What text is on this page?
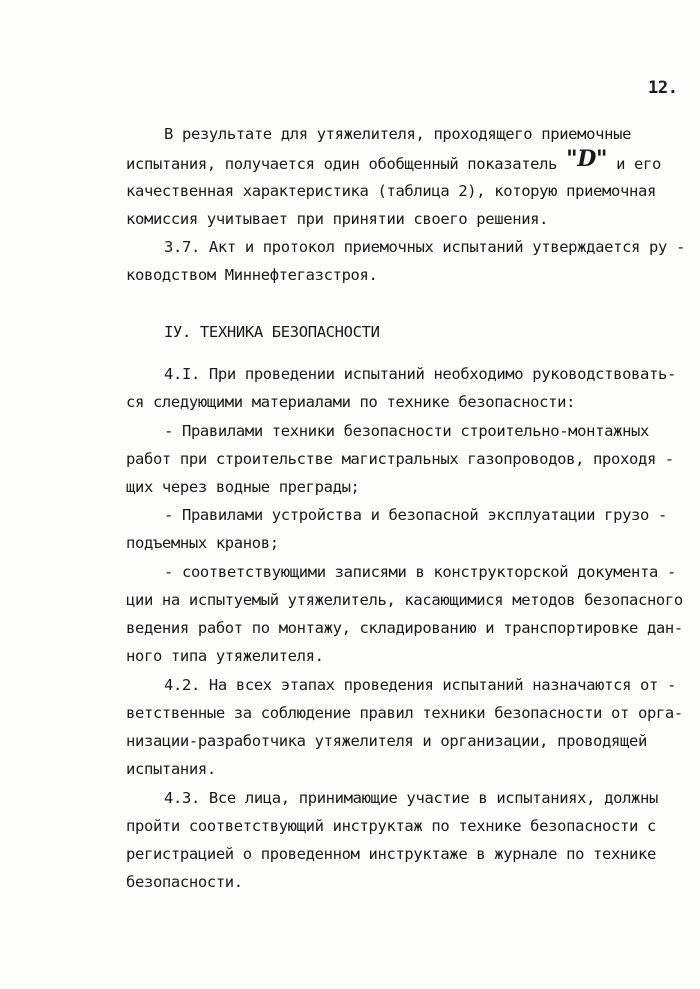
12.
В результате для утяжелителя, проходящего приемочные
испытания, получается один обобщенный показатель "D" и его
качественная характеристика (таблица 2), которую приемочная
комиссия учитывает при принятии своего решения.
3.7. Акт и протокол приемочных испытаний утверждается ру -
ководством Миннефтегазстроя.
IУ. ТЕХНИКА БЕЗОПАСНОСТИ
4.I. При проведении испытаний необходимо руководствовать-
ся следующими материалами по технике безопасности:
- Правилами техники безопасности строительно-монтажных
работ при строительстве магистральных газопроводов, проходя -
щих через водные преграды;
- Правилами устройства и безопасной эксплуатации грузо -
подъемных кранов;
- соответствующими записями в конструкторской документа -
ции на испытуемый утяжелитель, касающимися методов безопасного
ведения работ по монтажу, складированию и транспортировке дан-
ного типа утяжелителя.
4.2. На всех этапах проведения испытаний назначаются от -
ветственные за соблюдение правил техники безопасности от орга-
низации-разработчика утяжелителя и организации, проводящей
испытания.
4.3. Все лица, принимающие участие в испытаниях, должны
пройти соответствующий инструктаж по технике безопасности с
регистрацией о проведенном инструктаже в журнале по технике
безопасности.
